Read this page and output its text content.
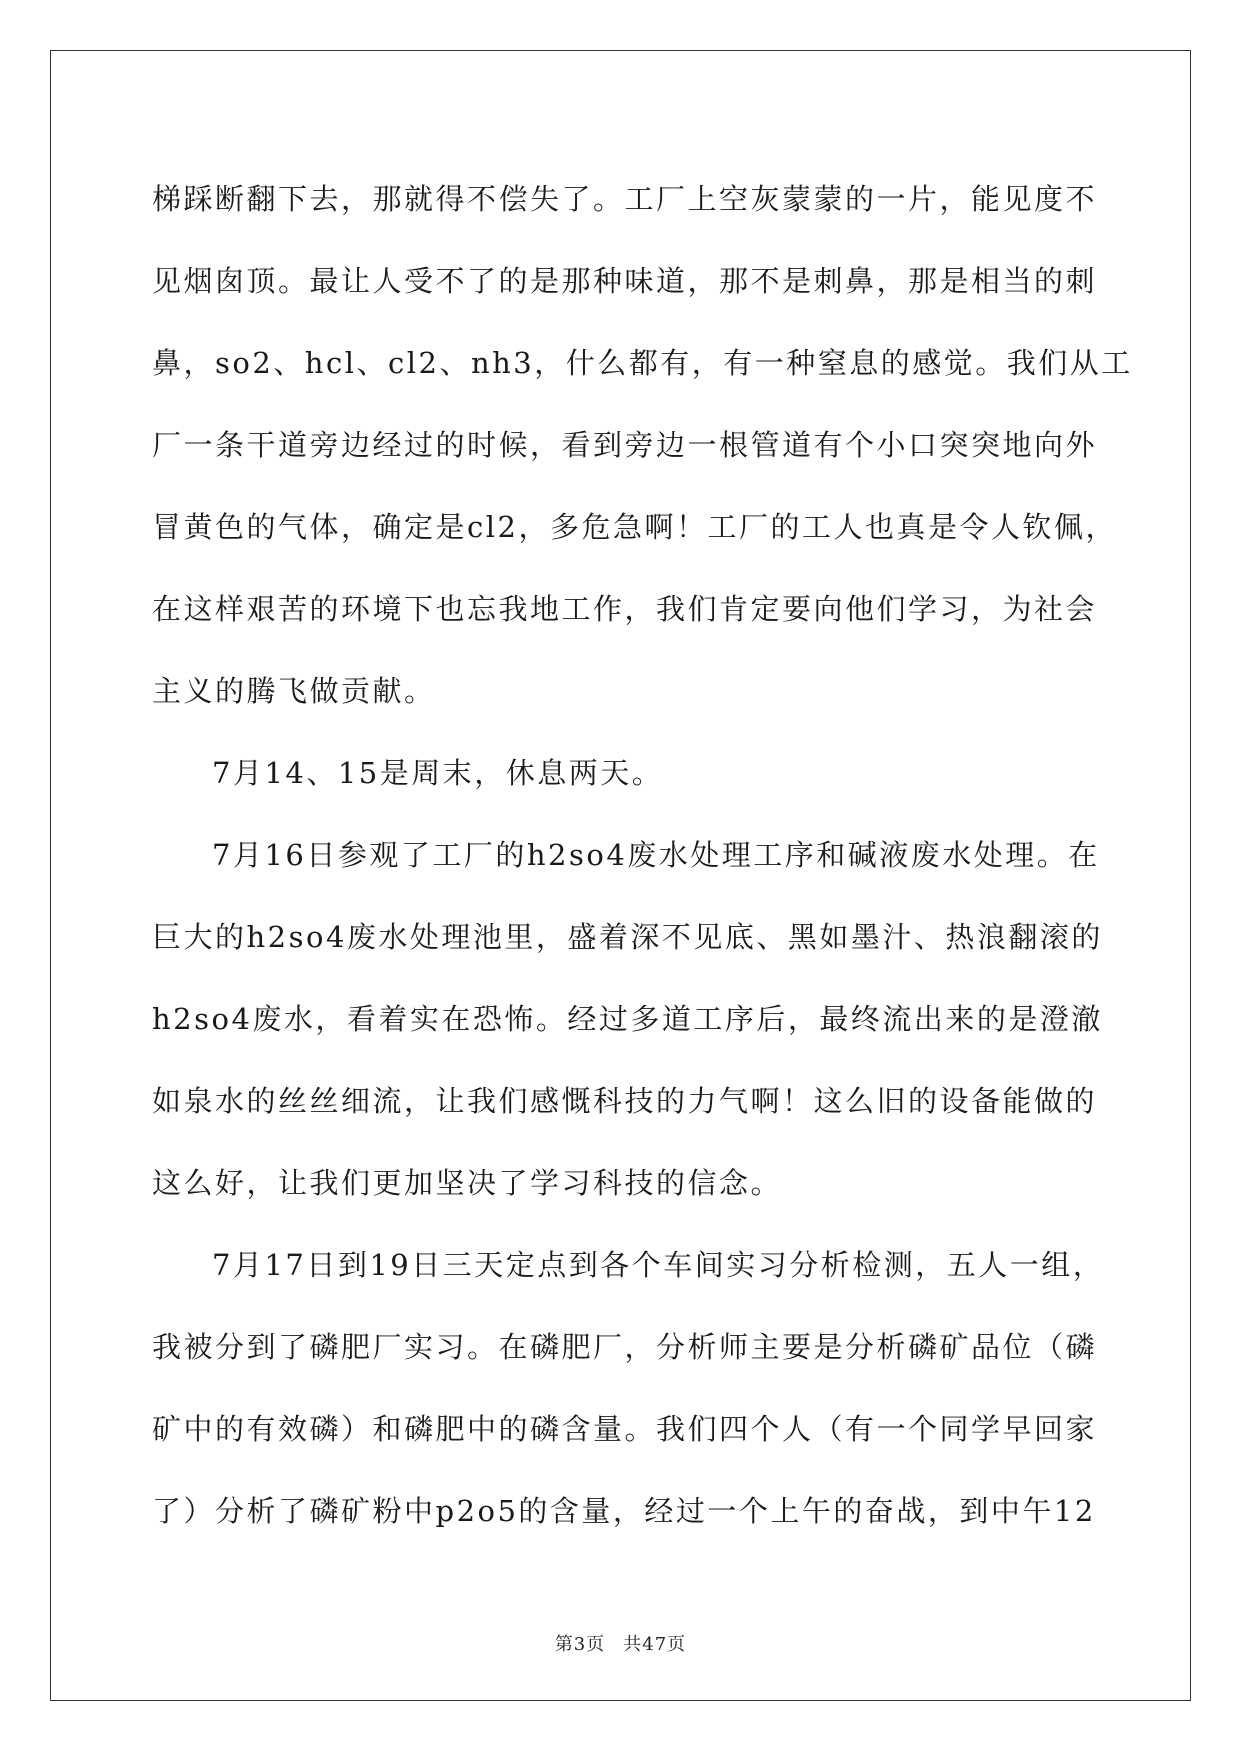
梯踩断翻下去，那就得不偿失了。工厂上空灰蒙蒙的一片，能见度不
见烟囱顶。最让人受不了的是那种味道，那不是刺鼻，那是相当的刺
鼻，so2、hcl、cl2、nh3，什么都有，有一种窒息的感觉。我们从工
厂一条干道旁边经过的时候，看到旁边一根管道有个小口突突地向外
冒黄色的气体，确定是cl2，多危急啊！工厂的工人也真是令人钦佩，
在这样艰苦的环境下也忘我地工作，我们肯定要向他们学习，为社会
主义的腾飞做贡献。
7月14、15是周末，休息两天。
7月16日参观了工厂的h2so4废水处理工序和碱液废水处理。在
巨大的h2so4废水处理池里，盛着深不见底、黑如墨汁、热浪翻滚的
h2so4废水，看着实在恐怖。经过多道工序后，最终流出来的是澄澈
如泉水的丝丝细流，让我们感慨科技的力气啊！这么旧的设备能做的
这么好，让我们更加坚决了学习科技的信念。
7月17日到19日三天定点到各个车间实习分析检测，五人一组，
我被分到了磷肥厂实习。在磷肥厂，分析师主要是分析磷矿品位（磷
矿中的有效磷）和磷肥中的磷含量。我们四个人（有一个同学早回家
了）分析了磷矿粉中p2o5的含量，经过一个上午的奋战，到中午12
第3页 共47页
